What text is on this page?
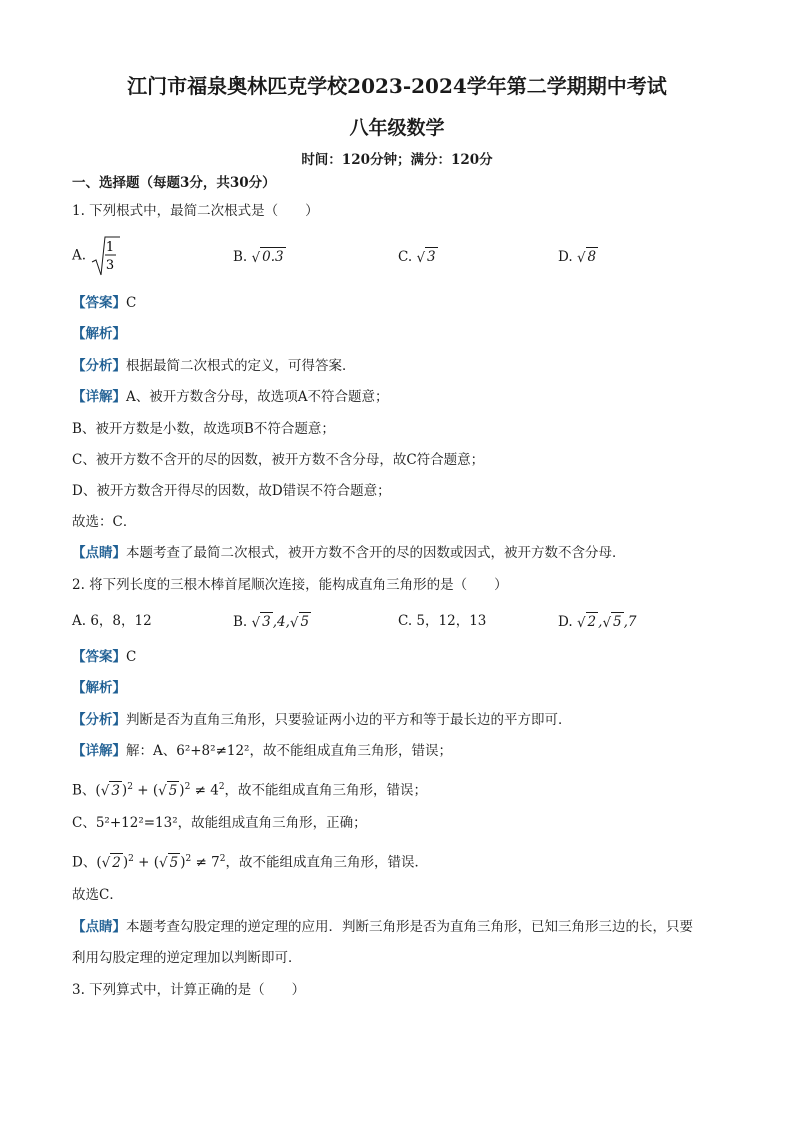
江门市福泉奥林匹克学校2023-2024学年第二学期期中考试
八年级数学
时间：120分钟；满分：120分
一、选择题（每题3分，共30分）
1. 下列根式中，最简二次根式是（　　）
A. 1
3
B. √ 0.3	C. √ 3	D. √ 8
【答案】C
【解析】
【分析】根据最简二次根式的定义，可得答案．
【详解】A、被开方数含分母，故选项A不符合题意；
B、被开方数是小数，故选项B不符合题意；
C、被开方数不含开的尽的因数，被开方数不含分母，故C符合题意；
D、被开方数含开得尽的因数，故D错误不符合题意；
故选：C．
【点睛】本题考查了最简二次根式，被开方数不含开的尽的因数或因式，被开方数不含分母．
2. 将下列长度的三根木棒首尾顺次连接，能构成直角三角形的是（　　）
A. 6，8，12	B. √ 3 ,4,√ 5	C. 5，12，13	D. √ 2 ,√ 5 ,7
【答案】C
【解析】
【分析】判断是否为直角三角形，只要验证两小边的平方和等于最长边的平方即可．
【详解】解：A、6²+8²≠12²，故不能组成直角三角形，错误；
B、(√ 3 )$^2$ + (√ 5 )$^2 \ne 4^2$，故不能组成直角三角形，错误；
C、5²+12²=13²，故能组成直角三角形，正确；
D、(√ 2 )$^2$ + (√ 5 )$^2 \ne 7^2$，故不能组成直角三角形，错误．
故选C．
【点睛】本题考查勾股定理的逆定理的应用．判断三角形是否为直角三角形，已知三角形三边的长，只要
利用勾股定理的逆定理加以判断即可．
3. 下列算式中，计算正确的是（　　）
